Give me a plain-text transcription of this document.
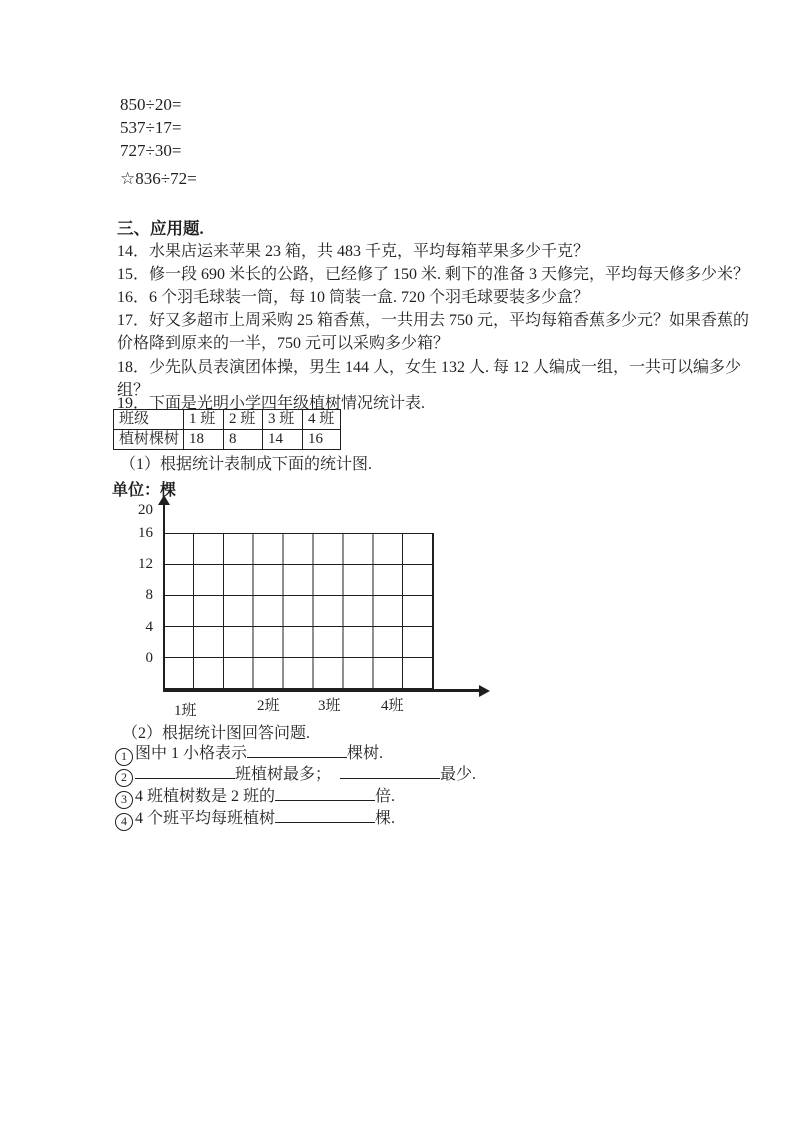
850÷20=
537÷17=
727÷30=
☆836÷72=
三、应用题.
14．水果店运来苹果 23 箱，共 483 千克，平均每箱苹果多少千克？
15．修一段 690 米长的公路，已经修了 150 米. 剩下的准备 3 天修完，平均每天修多少米？
16．6 个羽毛球装一筒，每 10 筒装一盒. 720 个羽毛球要装多少盒？
17．好又多超市上周采购 25 箱香蕉，一共用去 750 元，平均每箱香蕉多少元？如果香蕉的
价格降到原来的一半，750 元可以采购多少箱？
18．少先队员表演团体操，男生 144 人，女生 132 人. 每 12 人编成一组，一共可以编多少
组？
19．下面是光明小学四年级植树情况统计表.
班级	1 班	2 班	3 班	4 班
植树棵树	18	8	14	16
（1）根据统计表制成下面的统计图.
单位：棵
20
16
12
8
4
0
1班	2班	3班	4班
（2）根据统计图回答问题.
1 图中 1 小格表示	棵树.
2	班植树最多；	最少.
3 4 班植树数是 2 班的	倍.
4 4 个班平均每班植树	棵.
